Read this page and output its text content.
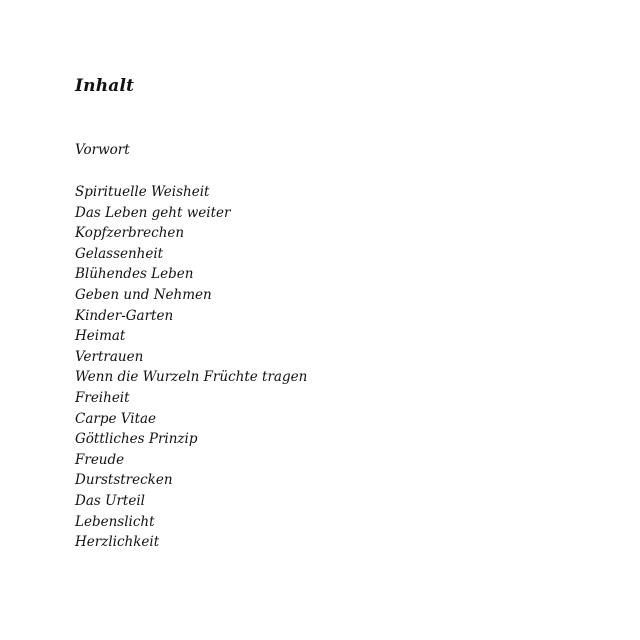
Inhalt
Vorwort
Spirituelle Weisheit
Das Leben geht weiter
Kopfzerbrechen
Gelassenheit
Blühendes Leben
Geben und Nehmen
Kinder-Garten
Heimat
Vertrauen
Wenn die Wurzeln Früchte tragen
Freiheit
Carpe Vitae
Göttliches Prinzip
Freude
Durststrecken
Das Urteil
Lebenslicht
Herzlichkeit
